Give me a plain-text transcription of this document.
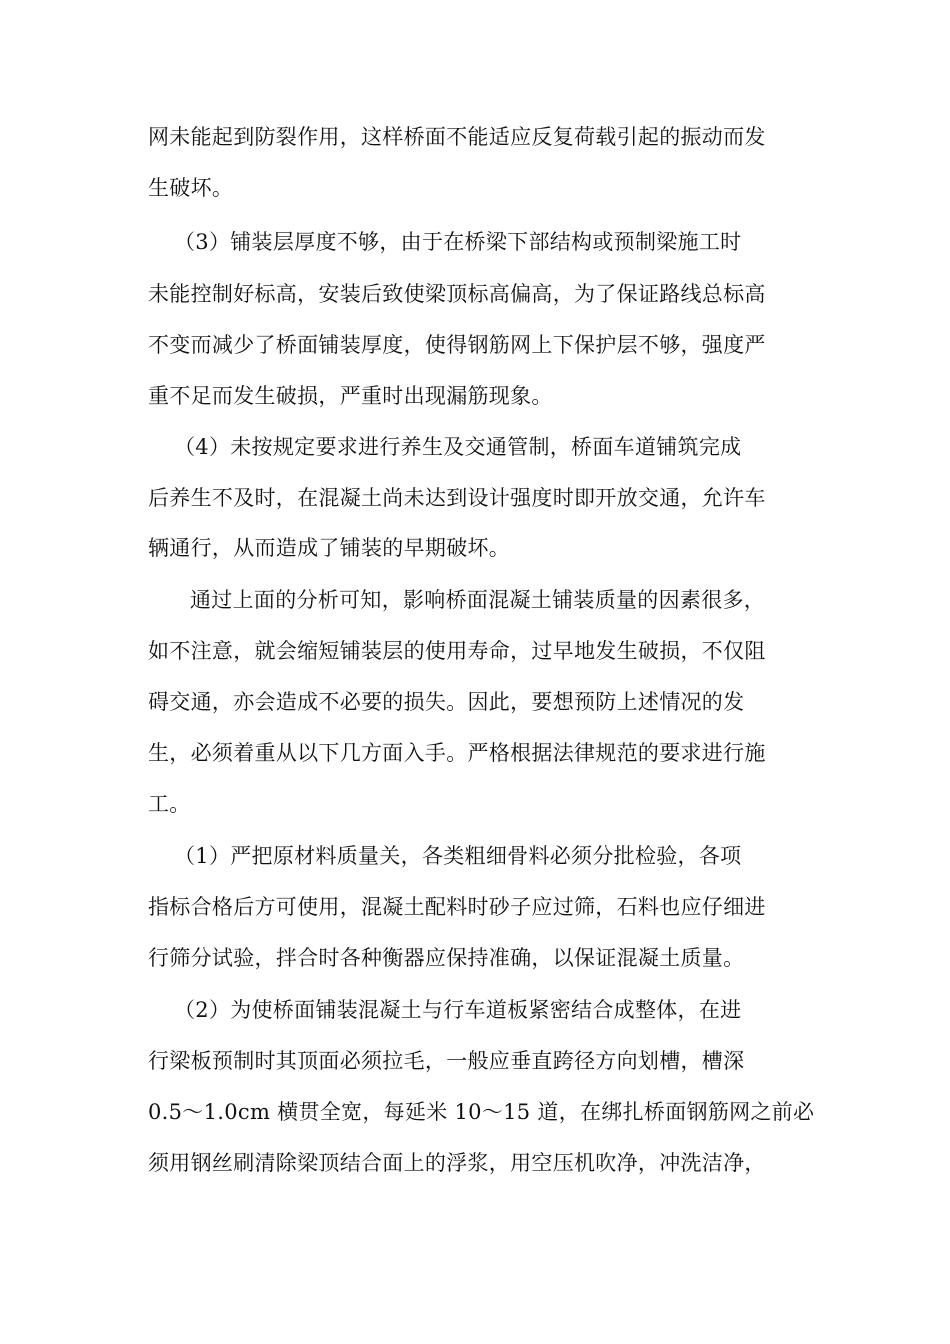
网未能起到防裂作用，这样桥面不能适应反复荷载引起的振动而发
生破坏。
（3）铺装层厚度不够，由于在桥梁下部结构或预制梁施工时
未能控制好标高，安装后致使梁顶标高偏高，为了保证路线总标高
不变而减少了桥面铺装厚度，使得钢筋网上下保护层不够，强度严
重不足而发生破损，严重时出现漏筋现象。
（4）未按规定要求进行养生及交通管制，桥面车道铺筑完成
后养生不及时，在混凝土尚未达到设计强度时即开放交通，允许车
辆通行，从而造成了铺装的早期破坏。
通过上面的分析可知，影响桥面混凝土铺装质量的因素很多，
如不注意，就会缩短铺装层的使用寿命，过早地发生破损，不仅阻
碍交通，亦会造成不必要的损失。因此，要想预防上述情况的发
生，必须着重从以下几方面入手。严格根据法律规范的要求进行施
工。
（1）严把原材料质量关，各类粗细骨料必须分批检验，各项
指标合格后方可使用，混凝土配料时砂子应过筛，石料也应仔细进
行筛分试验，拌合时各种衡器应保持准确，以保证混凝土质量。
（2）为使桥面铺装混凝土与行车道板紧密结合成整体，在进
行梁板预制时其顶面必须拉毛，一般应垂直跨径方向划槽，槽深
0.5～1.0cm 横贯全宽，每延米 10～15 道，在绑扎桥面钢筋网之前必
须用钢丝刷清除梁顶结合面上的浮浆，用空压机吹净，冲洗洁净，
